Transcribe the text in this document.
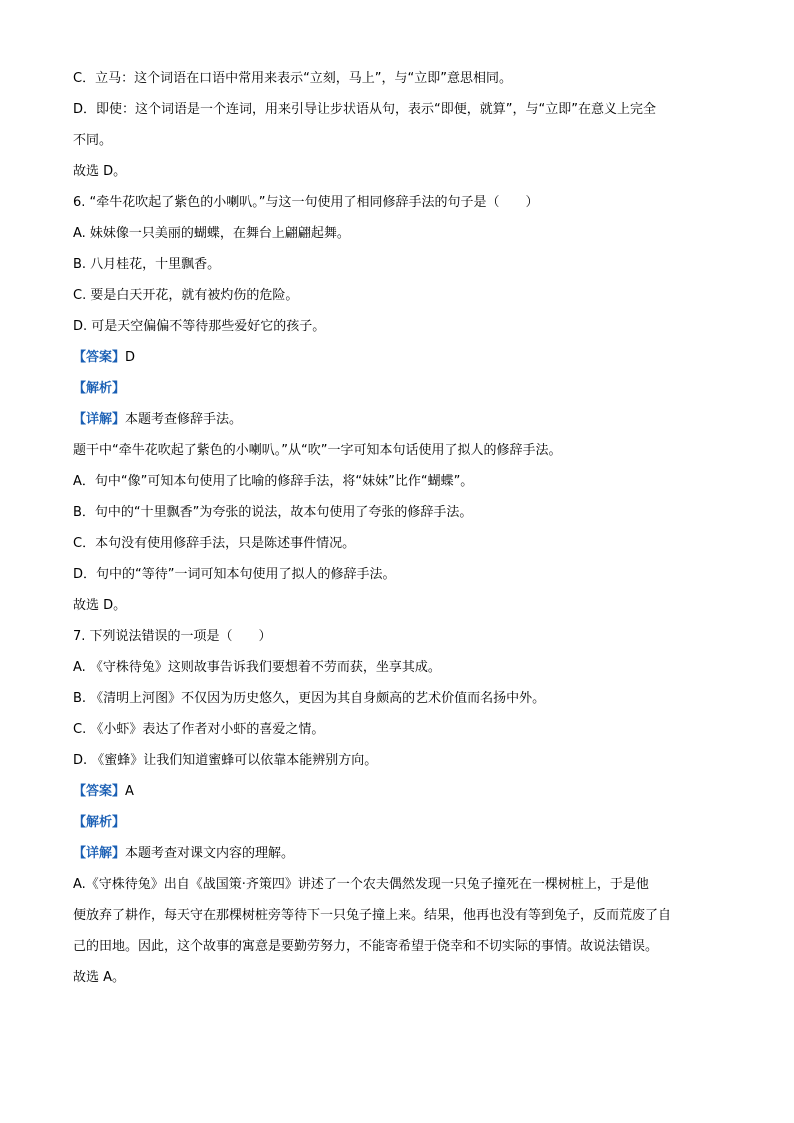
C．立马：这个词语在口语中常用来表示“立刻，马上”，与“立即”意思相同。
D．即使：这个词语是一个连词，用来引导让步状语从句，表示“即便，就算”，与“立即”在意义上完全
不同。
故选 D。
6. “牵牛花吹起了紫色的小喇叭。”与这一句使用了相同修辞手法的句子是（　　）
A. 妹妹像一只美丽的蝴蝶，在舞台上翩翩起舞。
B. 八月桂花，十里飘香。
C. 要是白天开花，就有被灼伤的危险。
D. 可是天空偏偏不等待那些爱好它的孩子。
【答案】D
【解析】
【详解】本题考查修辞手法。
题干中“牵牛花吹起了紫色的小喇叭。”从“吹”一字可知本句话使用了拟人的修辞手法。
A．句中“像”可知本句使用了比喻的修辞手法，将“妹妹”比作“蝴蝶”。
B．句中的“十里飘香”为夸张的说法，故本句使用了夸张的修辞手法。
C．本句没有使用修辞手法，只是陈述事件情况。
D．句中的“等待”一词可知本句使用了拟人的修辞手法。
故选 D。
7. 下列说法错误的一项是（　　）
A. 《守株待兔》这则故事告诉我们要想着不劳而获，坐享其成。
B. 《清明上河图》不仅因为历史悠久，更因为其自身颇高的艺术价值而名扬中外。
C. 《小虾》表达了作者对小虾的喜爱之情。
D. 《蜜蜂》让我们知道蜜蜂可以依靠本能辨别方向。
【答案】A
【解析】
【详解】本题考查对课文内容的理解。
A.《守株待兔》出自《战国策·齐策四》讲述了一个农夫偶然发现一只兔子撞死在一棵树桩上，于是他
便放弃了耕作，每天守在那棵树桩旁等待下一只兔子撞上来。结果，他再也没有等到兔子，反而荒废了自
己的田地。因此，这个故事的寓意是要勤劳努力，不能寄希望于侥幸和不切实际的事情。故说法错误。
故选 A。
